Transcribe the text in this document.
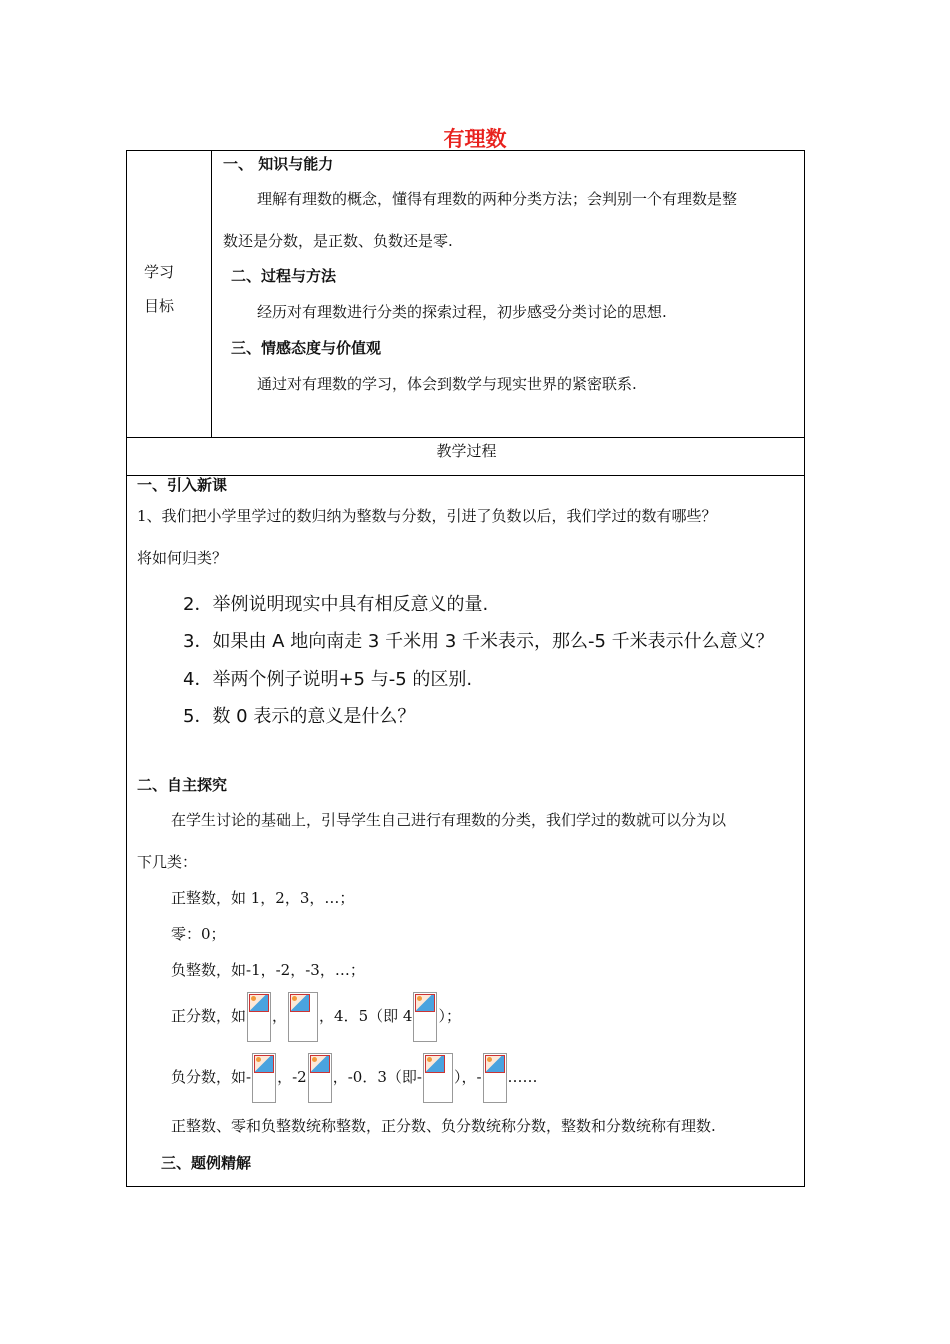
有理数
学习
目标
一、 知识与能力
理解有理数的概念，懂得有理数的两种分类方法；会判别一个有理数是整
数还是分数，是正数、负数还是零.
二、过程与方法
经历对有理数进行分类的探索过程，初步感受分类讨论的思想.
三、情感态度与价值观
通过对有理数的学习，体会到数学与现实世界的紧密联系.
教学过程
一、引入新课
1、我们把小学里学过的数归纳为整数与分数，引进了负数以后，我们学过的数有哪些？
将如何归类？
2．举例说明现实中具有相反意义的量.
3．如果由 A 地向南走 3 千米用 3 千米表示，那么-5 千米表示什么意义？
4．举两个例子说明+5 与-5 的区别.
5．数 0 表示的意义是什么？
二、自主探究
在学生讨论的基础上，引导学生自己进行有理数的分类，我们学过的数就可以分为以
下几类：
正整数，如 1，2，3，…；
零：0；
负整数，如-1，-2，-3，…；
正分数，如 ， ，4．5（即 4 ）；
负分数，如- ，-2 ，-0．3（即- ），- ……
正整数、零和负整数统称整数，正分数、负分数统称分数，整数和分数统称有理数.
三、题例精解
